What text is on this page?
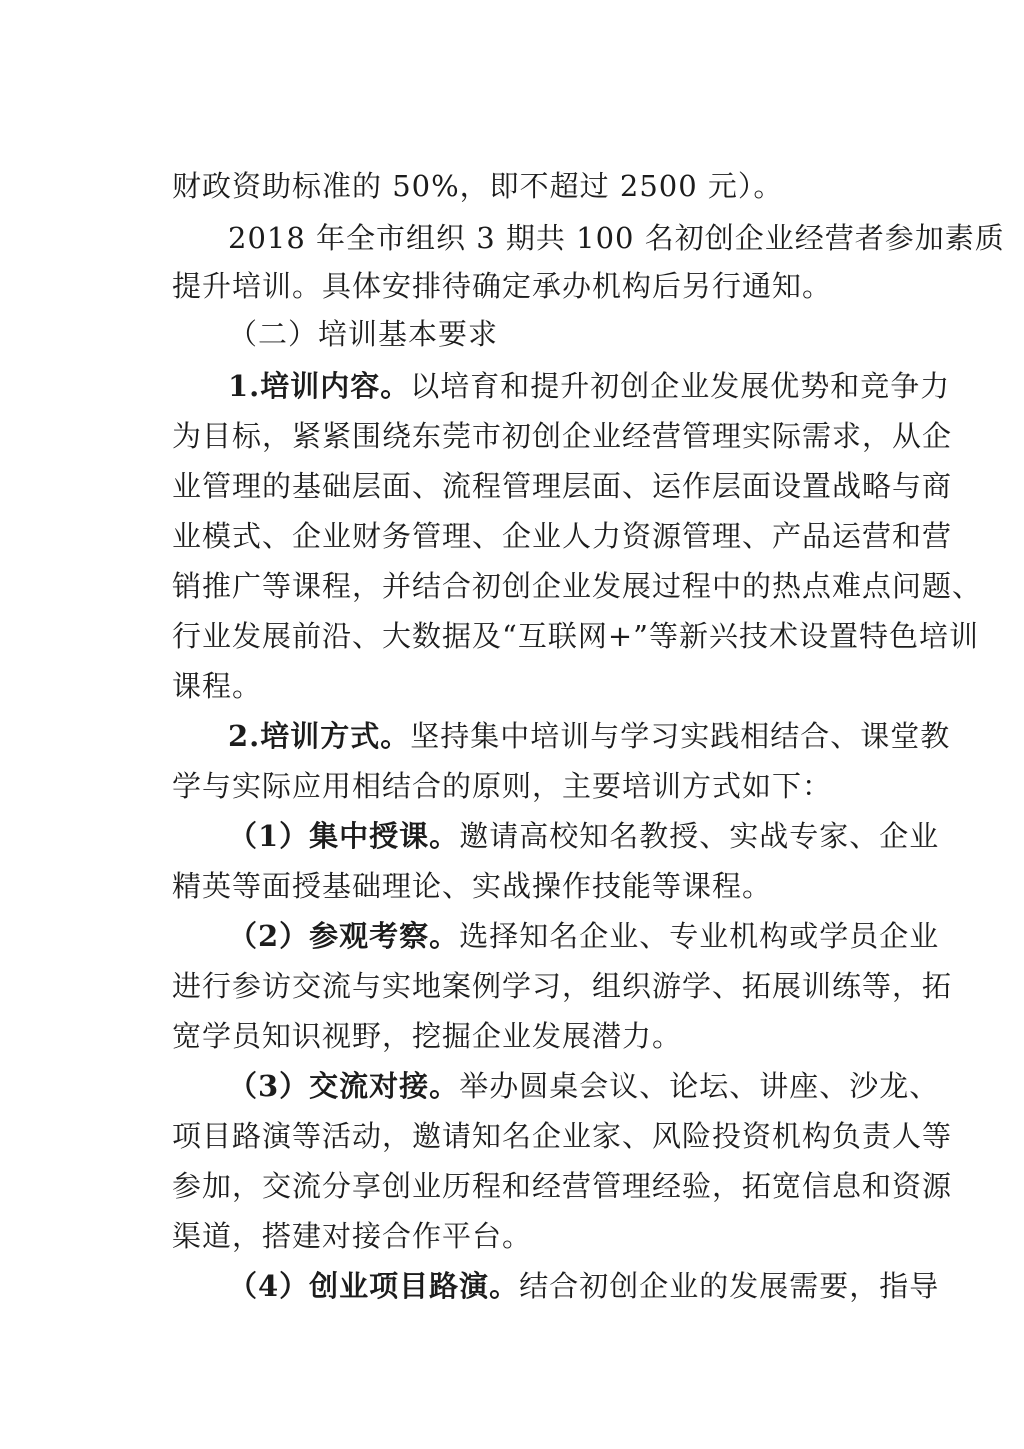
财政资助标准的 50%，即不超过 2500 元）。
2018 年全市组织 3 期共 100 名初创企业经营者参加素质
提升培训。具体安排待确定承办机构后另行通知。
（二）培训基本要求
1.培训内容。以培育和提升初创企业发展优势和竞争力
为目标，紧紧围绕东莞市初创企业经营管理实际需求，从企
业管理的基础层面、流程管理层面、运作层面设置战略与商
业模式、企业财务管理、企业人力资源管理、产品运营和营
销推广等课程，并结合初创企业发展过程中的热点难点问题、
行业发展前沿、大数据及“互联网+”等新兴技术设置特色培训
课程。
2.培训方式。坚持集中培训与学习实践相结合、课堂教
学与实际应用相结合的原则，主要培训方式如下：
（1）集中授课。邀请高校知名教授、实战专家、企业
精英等面授基础理论、实战操作技能等课程。
（2）参观考察。选择知名企业、专业机构或学员企业
进行参访交流与实地案例学习，组织游学、拓展训练等，拓
宽学员知识视野，挖掘企业发展潜力。
（3）交流对接。举办圆桌会议、论坛、讲座、沙龙、
项目路演等活动，邀请知名企业家、风险投资机构负责人等
参加，交流分享创业历程和经营管理经验，拓宽信息和资源
渠道，搭建对接合作平台。
（4）创业项目路演。结合初创企业的发展需要，指导
